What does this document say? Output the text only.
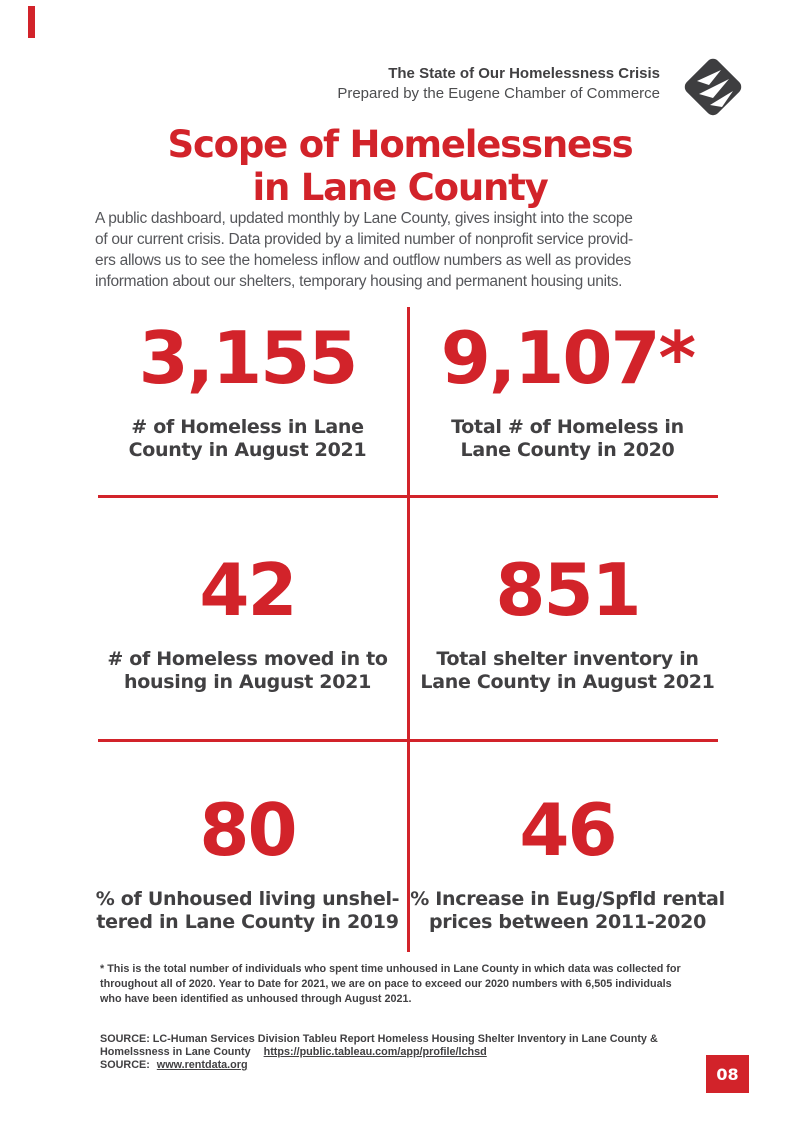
The State of Our Homelessness Crisis
Prepared by the Eugene Chamber of Commerce
Scope of Homelessness
in Lane County
A public dashboard, updated monthly by Lane County, gives insight into the scope
of our current crisis. Data provided by a limited number of nonprofit service provid-
ers allows us to see the homeless inflow and outflow numbers as well as provides
information about our shelters, temporary housing and permanent housing units.
3,155
# of Homeless in Lane
County in August 2021
9,107*
Total # of Homeless in
Lane County in 2020
42
# of Homeless moved in to
housing in August 2021
851
Total shelter inventory in
Lane County in August 2021
80
% of Unhoused living unshel-
tered in Lane County in 2019
46
% Increase in Eug/Spfld rental
prices between 2011-2020
* This is the total number of individuals who spent time unhoused in Lane County in which data was collected for
throughout all of 2020. Year to Date for 2021, we are on pace to exceed our 2020 numbers with 6,505 individuals
who have been identified as unhoused through August 2021.
SOURCE: LC-Human Services Division Tableu Report Homeless Housing Shelter Inventory in Lane County &
Homelssness in Lane County https://public.tableau.com/app/profile/lchsd
SOURCE: www.rentdata.org	08
